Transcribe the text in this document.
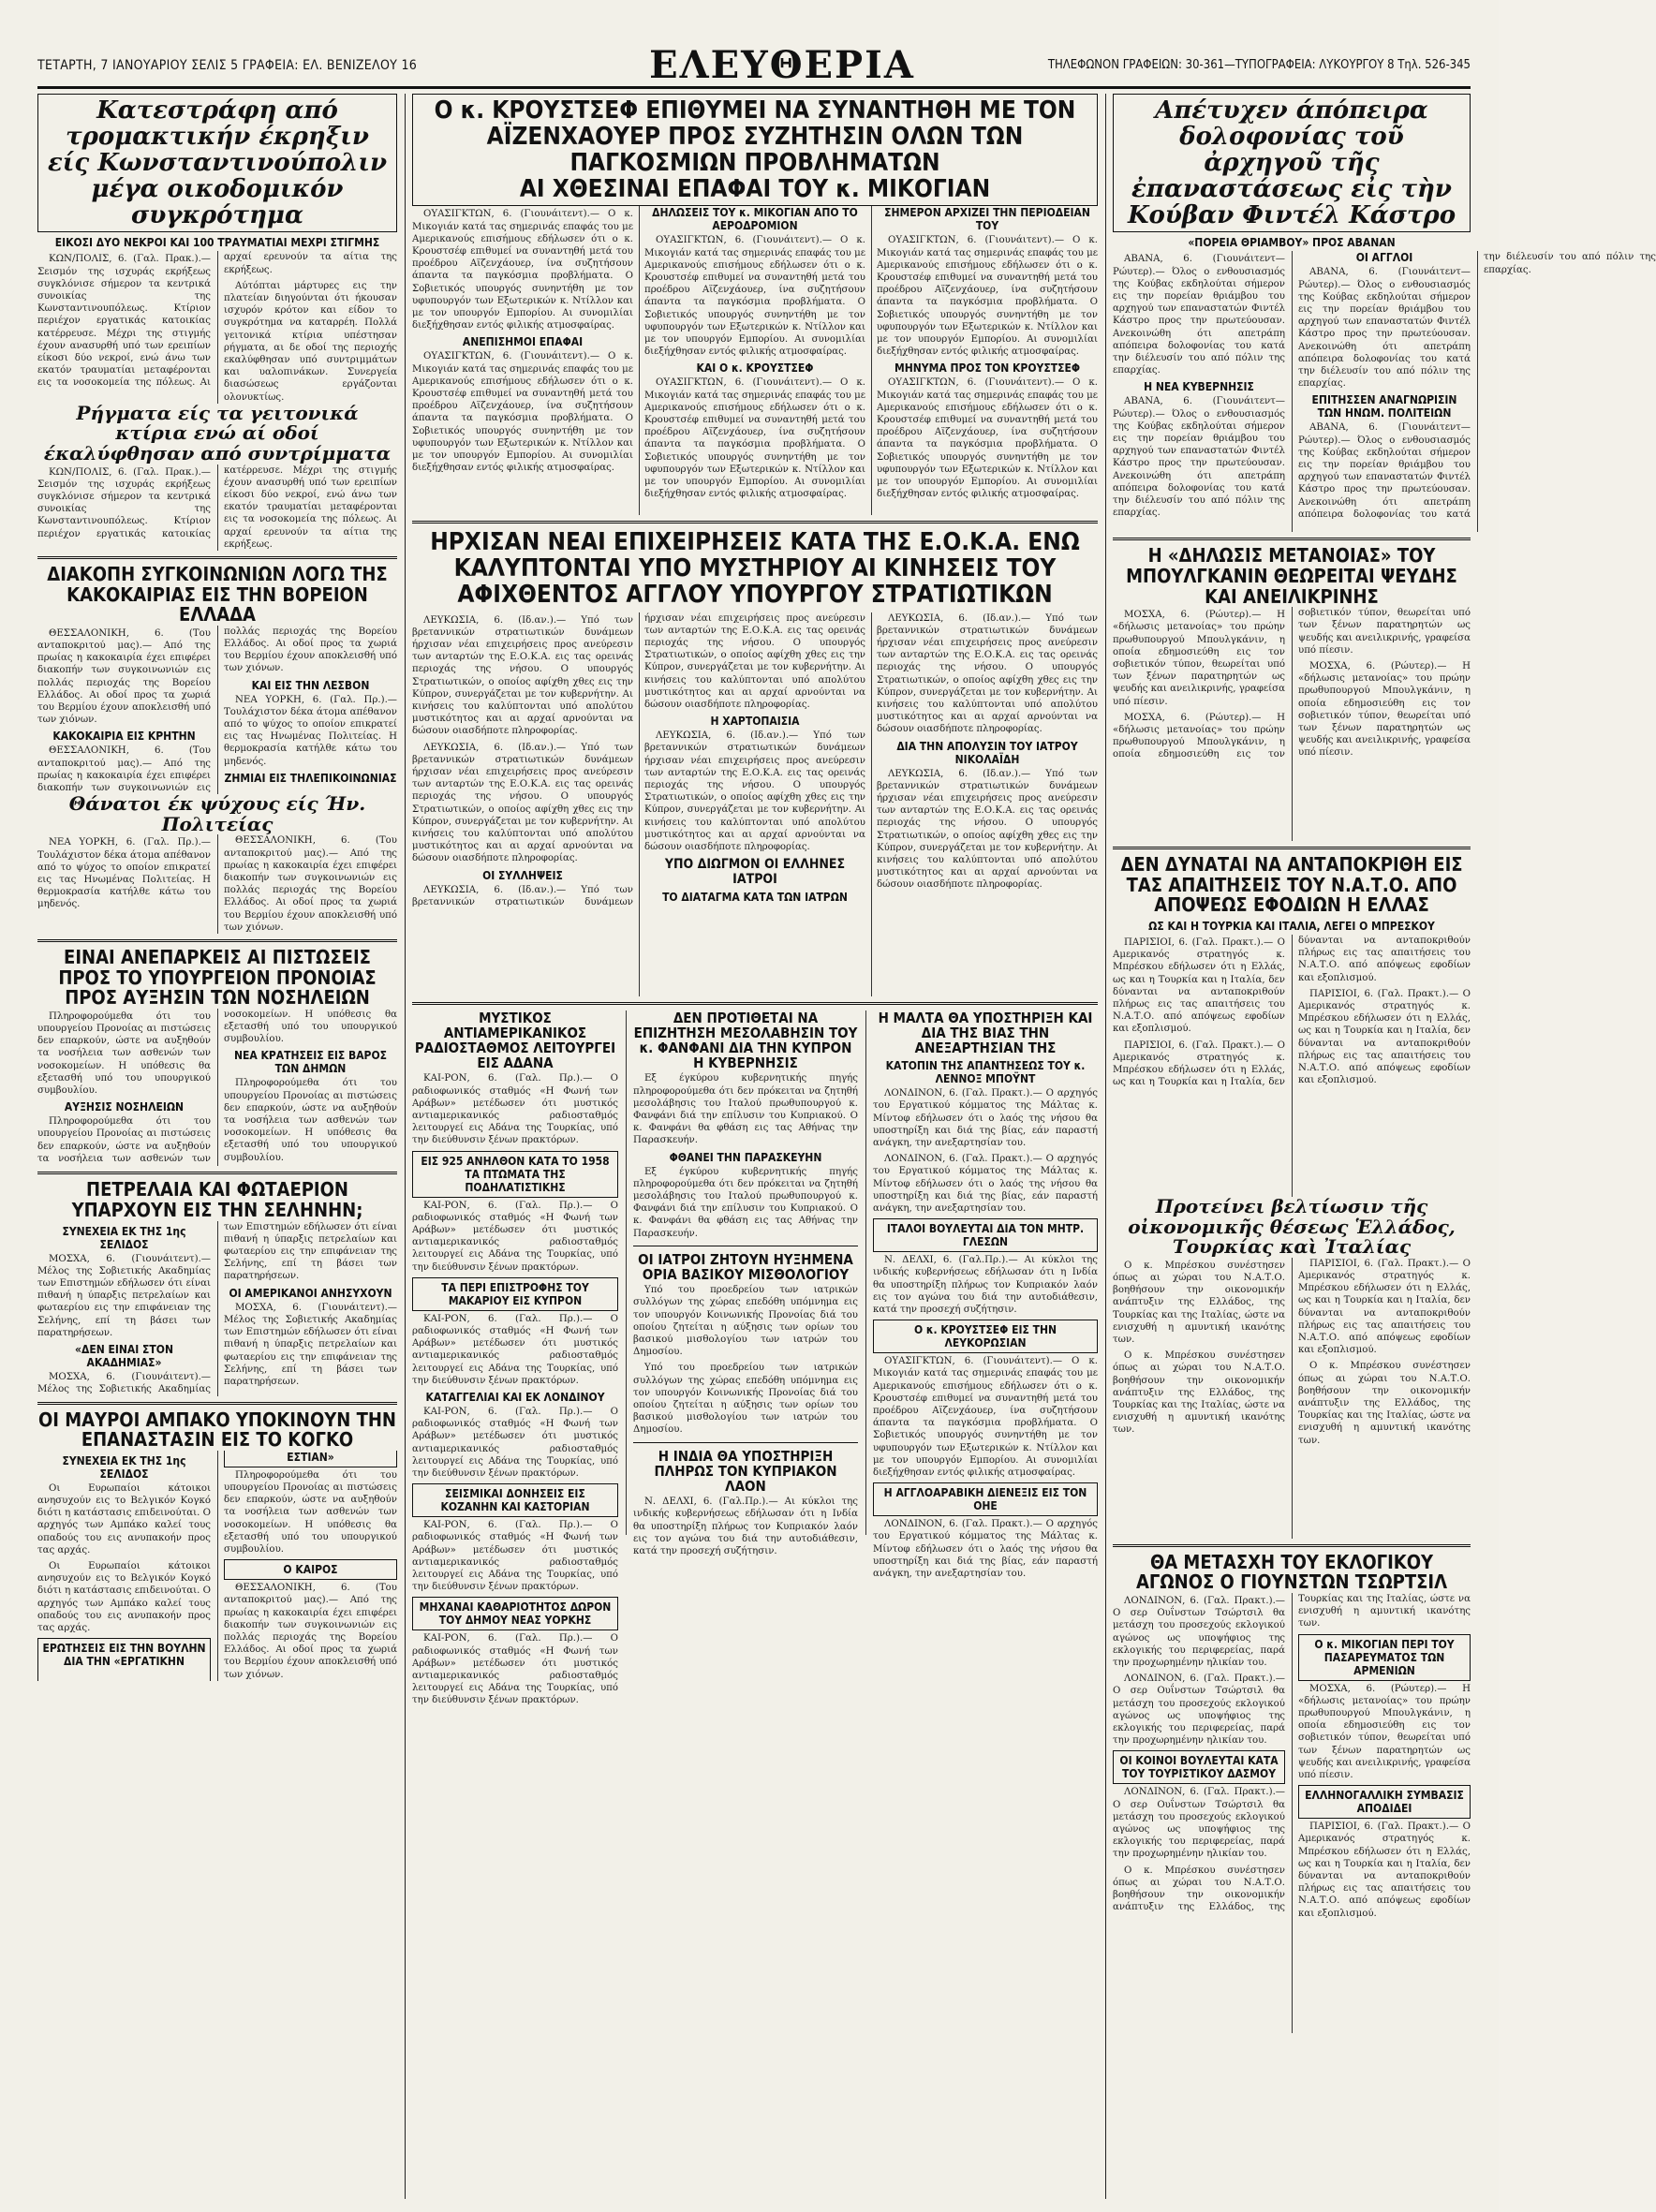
ΤΕΤΑΡΤΗ, 7 ΙΑΝΟΥΑΡΙΟΥ ΣΕΛΙΣ 5 ΓΡΑΦΕΙΑ: ΕΛ. ΒΕΝΙΖΕΛΟΥ 16	ΕΛΕΥΘΕΡΙΑ	ΤΗΛΕΦΩΝΟΝ ΓΡΑΦΕΙΩΝ: 30-361—ΤΥΠΟΓΡΑΦΕΙΑ: ΛΥΚΟΥΡΓΟΥ 8 Τηλ. 526-345
Κατεστράφη από τρομακτικήν έκρηξιν είς Κωνσταντινούπολιν μέγα οικοδομικόν συγκρότημα
ΕΙΚΟΣΙ ΔΥΟ ΝΕΚΡΟΙ ΚΑΙ 100 ΤΡΑΥΜΑΤΙΑΙ ΜΕΧΡΙ ΣΤΙΓΜΗΣ

ΚΩΝ/ΠΟΛΙΣ, 6. (Γαλ. Πρακ.).— Σεισμόν της ισχυράς εκρήξεως συγκλόνισε σήμερον τα κεντρικά συνοικίας της Κωνσταντινουπόλεως. Κτίριον περιέχον εργατικάς κατοικίας κατέρρευσε. Μέχρι της στιγμής έχουν ανασυρθή υπό των ερειπίων είκοσι δύο νεκροί, ενώ άνω των εκατόν τραυματίαι μεταφέρονται εις τα νοσοκομεία της πόλεως. Αι αρχαί ερευνούν τα αίτια της εκρήξεως.

Αύτόπται μάρτυρες εις την πλατείαν διηγούνται ότι ήκουσαν ισχυρόν κρότον και είδον το συγκρότημα να καταρρέη. Πολλά γειτονικά κτίρια υπέστησαν ρήγματα, αι δε οδοί της περιοχής εκαλύφθησαν υπό συντριμμάτων και υαλοπινάκων. Συνεργεία διασώσεως εργάζονται ολονυκτίως.

Ρήγματα είς τα γειτονικά κτίρια ενώ αί οδοί έκαλύφθησαν από συντρίμματα

ΚΩΝ/ΠΟΛΙΣ, 6. (Γαλ. Πρακ.).— Σεισμόν της ισχυράς εκρήξεως συγκλόνισε σήμερον τα κεντρικά συνοικίας της Κωνσταντινουπόλεως. Κτίριον περιέχον εργατικάς κατοικίας κατέρρευσε. Μέχρι της στιγμής έχουν ανασυρθή υπό των ερειπίων είκοσι δύο νεκροί, ενώ άνω των εκατόν τραυματίαι μεταφέρονται εις τα νοσοκομεία της πόλεως. Αι αρχαί ερευνούν τα αίτια της εκρήξεως.

ΔΙΑΚΟΠΗ ΣΥΓΚΟΙΝΩΝΙΩΝ ΛΟΓΩ ΤΗΣ ΚΑΚΟΚΑΙΡΙΑΣ ΕΙΣ ΤΗΝ ΒΟΡΕΙΟΝ ΕΛΛΑΔΑ

ΘΕΣΣΑΛΟΝΙΚΗ, 6. (Του ανταποκριτού μας).— Από της πρωίας η κακοκαιρία έχει επιφέρει διακοπήν των συγκοινωνιών εις πολλάς περιοχάς της Βορείου Ελλάδος. Αι οδοί προς τα χωριά του Βερμίου έχουν αποκλεισθή υπό των χιόνων.

ΚΑΚΟΚΑΙΡΙΑ ΕΙΣ ΚΡΗΤΗΝ

ΘΕΣΣΑΛΟΝΙΚΗ, 6. (Του ανταποκριτού μας).— Από της πρωίας η κακοκαιρία έχει επιφέρει διακοπήν των συγκοινωνιών εις πολλάς περιοχάς της Βορείου Ελλάδος. Αι οδοί προς τα χωριά του Βερμίου έχουν αποκλεισθή υπό των χιόνων.

ΚΑΙ ΕΙΣ ΤΗΝ ΛΕΣΒΟΝ

ΝΕΑ ΥΟΡΚΗ, 6. (Γαλ. Πρ.).— Τουλάχιστον δέκα άτομα απέθανον από το ψύχος το οποίον επικρατεί εις τας Ηνωμένας Πολιτείας. Η θερμοκρασία κατήλθε κάτω του μηδενός.

ΖΗΜΙΑΙ ΕΙΣ ΤΗΛΕΠΙΚΟΙΝΩΝΙΑΣ
Θάνατοι έκ ψύχους είς Ήν. Πολιτείας

ΝΕΑ ΥΟΡΚΗ, 6. (Γαλ. Πρ.).— Τουλάχιστον δέκα άτομα απέθανον από το ψύχος το οποίον επικρατεί εις τας Ηνωμένας Πολιτείας. Η θερμοκρασία κατήλθε κάτω του μηδενός.

ΘΕΣΣΑΛΟΝΙΚΗ, 6. (Του ανταποκριτού μας).— Από της πρωίας η κακοκαιρία έχει επιφέρει διακοπήν των συγκοινωνιών εις πολλάς περιοχάς της Βορείου Ελλάδος. Αι οδοί προς τα χωριά του Βερμίου έχουν αποκλεισθή υπό των χιόνων.

ΕΙΝΑΙ ΑΝΕΠΑΡΚΕΙΣ ΑΙ ΠΙΣΤΩΣΕΙΣ ΠΡΟΣ ΤΟ ΥΠΟΥΡΓΕΙΟΝ ΠΡΟΝΟΙΑΣ ΠΡΟΣ ΑΥΞΗΣΙΝ ΤΩΝ ΝΟΣΗΛΕΙΩΝ

Πληροφορούμεθα ότι του υπουργείου Προνοίας αι πιστώσεις δεν επαρκούν, ώστε να αυξηθούν τα νοσήλεια των ασθενών των νοσοκομείων. Η υπόθεσις θα εξετασθή υπό του υπουργικού συμβουλίου.

ΑΥΞΗΣΙΣ ΝΟΣΗΛΕΙΩΝ

Πληροφορούμεθα ότι του υπουργείου Προνοίας αι πιστώσεις δεν επαρκούν, ώστε να αυξηθούν τα νοσήλεια των ασθενών των νοσοκομείων. Η υπόθεσις θα εξετασθή υπό του υπουργικού συμβουλίου.

ΝΕΑ ΚΡΑΤΗΣΕΙΣ ΕΙΣ ΒΑΡΟΣ ΤΩΝ ΔΗΜΩΝ

Πληροφορούμεθα ότι του υπουργείου Προνοίας αι πιστώσεις δεν επαρκούν, ώστε να αυξηθούν τα νοσήλεια των ασθενών των νοσοκομείων. Η υπόθεσις θα εξετασθή υπό του υπουργικού συμβουλίου.

ΠΕΤΡΕΛΑΙΑ ΚΑΙ ΦΩΤΑΕΡΙΟΝ ΥΠΑΡΧΟΥΝ ΕΙΣ ΤΗΝ ΣΕΛΗΝΗΝ;
ΣΥΝΕΧΕΙΑ ΕΚ ΤΗΣ 1ης ΣΕΛΙΔΟΣ

ΜΟΣΧΑ, 6. (Γιουνάιτεντ).— Μέλος της Σοβιετικής Ακαδημίας των Επιστημών εδήλωσεν ότι είναι πιθανή η ύπαρξις πετρελαίων και φωταερίου εις την επιφάνειαν της Σελήνης, επί τη βάσει των παρατηρήσεων.

«ΔΕΝ ΕΙΝΑΙ ΣΤΟΝ ΑΚΑΔΗΜΙΑΣ»

ΜΟΣΧΑ, 6. (Γιουνάιτεντ).— Μέλος της Σοβιετικής Ακαδημίας των Επιστημών εδήλωσεν ότι είναι πιθανή η ύπαρξις πετρελαίων και φωταερίου εις την επιφάνειαν της Σελήνης, επί τη βάσει των παρατηρήσεων.

ΟΙ ΑΜΕΡΙΚΑΝΟΙ ΑΝΗΣΥΧΟΥΝ

ΜΟΣΧΑ, 6. (Γιουνάιτεντ).— Μέλος της Σοβιετικής Ακαδημίας των Επιστημών εδήλωσεν ότι είναι πιθανή η ύπαρξις πετρελαίων και φωταερίου εις την επιφάνειαν της Σελήνης, επί τη βάσει των παρατηρήσεων.

ΟΙ ΜΑΥΡΟΙ ΑΜΠΑΚΟ ΥΠΟΚΙΝΟΥΝ ΤΗΝ ΕΠΑΝΑΣΤΑΣΙΝ ΕΙΣ ΤΟ ΚΟΓΚΟ
ΣΥΝΕΧΕΙΑ ΕΚ ΤΗΣ 1ης ΣΕΛΙΔΟΣ

Οι Ευρωπαίοι κάτοικοι ανησυχούν εις το Βελγικόν Κογκό διότι η κατάστασις επιδεινούται. Ο αρχηγός των Αμπάκο καλεί τους οπαδούς του εις ανυπακοήν προς τας αρχάς.

Οι Ευρωπαίοι κάτοικοι ανησυχούν εις το Βελγικόν Κογκό διότι η κατάστασις επιδεινούται. Ο αρχηγός των Αμπάκο καλεί τους οπαδούς του εις ανυπακοήν προς τας αρχάς.

ΕΡΩΤΗΣΕΙΣ ΕΙΣ ΤΗΝ ΒΟΥΛΗΝ ΔΙΑ ΤΗΝ «ΕΡΓΑΤΙΚΗΝ ΕΣΤΙΑΝ»

Πληροφορούμεθα ότι του υπουργείου Προνοίας αι πιστώσεις δεν επαρκούν, ώστε να αυξηθούν τα νοσήλεια των ασθενών των νοσοκομείων. Η υπόθεσις θα εξετασθή υπό του υπουργικού συμβουλίου.

Ο ΚΑΙΡΟΣ

ΘΕΣΣΑΛΟΝΙΚΗ, 6. (Του ανταποκριτού μας).— Από της πρωίας η κακοκαιρία έχει επιφέρει διακοπήν των συγκοινωνιών εις πολλάς περιοχάς της Βορείου Ελλάδος. Αι οδοί προς τα χωριά του Βερμίου έχουν αποκλεισθή υπό των χιόνων.

Ο κ. ΚΡΟΥΣΤΣΕΦ ΕΠΙΘΥΜΕΙ ΝΑ ΣΥΝΑΝΤΗΘΗ ΜΕ ΤΟΝ ΑΪΖΕΝΧΑΟΥΕΡ ΠΡΟΣ ΣΥΖΗΤΗΣΙΝ ΟΛΩΝ ΤΩΝ ΠΑΓΚΟΣΜΙΩΝ ΠΡΟΒΛΗΜΑΤΩΝ
ΑΙ ΧΘΕΣΙΝΑΙ ΕΠΑΦΑΙ ΤΟΥ κ. ΜΙΚΟΓΙΑΝ

ΟΥΑΣΙΓΚΤΩΝ, 6. (Γιουνάιτεντ).— Ο κ. Μικογιάν κατά τας σημερινάς επαφάς του με Αμερικανούς επισήμους εδήλωσεν ότι ο κ. Κρουστσέφ επιθυμεί να συναντηθή μετά του προέδρου Αϊζενχάουερ, ίνα συζητήσουν άπαντα τα παγκόσμια προβλήματα. Ο Σοβιετικός υπουργός συνηντήθη με τον υφυπουργόν των Εξωτερικών κ. Ντίλλον και με τον υπουργόν Εμπορίου. Αι συνομιλίαι διεξήχθησαν εντός φιλικής ατμοσφαίρας.

ΑΝΕΠΙΣΗΜΟΙ ΕΠΑΦΑΙ

ΟΥΑΣΙΓΚΤΩΝ, 6. (Γιουνάιτεντ).— Ο κ. Μικογιάν κατά τας σημερινάς επαφάς του με Αμερικανούς επισήμους εδήλωσεν ότι ο κ. Κρουστσέφ επιθυμεί να συναντηθή μετά του προέδρου Αϊζενχάουερ, ίνα συζητήσουν άπαντα τα παγκόσμια προβλήματα. Ο Σοβιετικός υπουργός συνηντήθη με τον υφυπουργόν των Εξωτερικών κ. Ντίλλον και με τον υπουργόν Εμπορίου. Αι συνομιλίαι διεξήχθησαν εντός φιλικής ατμοσφαίρας.

ΔΗΛΩΣΕΙΣ ΤΟΥ κ. ΜΙΚΟΓΙΑΝ ΑΠΟ ΤΟ ΑΕΡΟΔΡΟΜΙΟΝ

ΟΥΑΣΙΓΚΤΩΝ, 6. (Γιουνάιτεντ).— Ο κ. Μικογιάν κατά τας σημερινάς επαφάς του με Αμερικανούς επισήμους εδήλωσεν ότι ο κ. Κρουστσέφ επιθυμεί να συναντηθή μετά του προέδρου Αϊζενχάουερ, ίνα συζητήσουν άπαντα τα παγκόσμια προβλήματα. Ο Σοβιετικός υπουργός συνηντήθη με τον υφυπουργόν των Εξωτερικών κ. Ντίλλον και με τον υπουργόν Εμπορίου. Αι συνομιλίαι διεξήχθησαν εντός φιλικής ατμοσφαίρας.

ΚΑΙ Ο κ. ΚΡΟΥΣΤΣΕΦ

ΟΥΑΣΙΓΚΤΩΝ, 6. (Γιουνάιτεντ).— Ο κ. Μικογιάν κατά τας σημερινάς επαφάς του με Αμερικανούς επισήμους εδήλωσεν ότι ο κ. Κρουστσέφ επιθυμεί να συναντηθή μετά του προέδρου Αϊζενχάουερ, ίνα συζητήσουν άπαντα τα παγκόσμια προβλήματα. Ο Σοβιετικός υπουργός συνηντήθη με τον υφυπουργόν των Εξωτερικών κ. Ντίλλον και με τον υπουργόν Εμπορίου. Αι συνομιλίαι διεξήχθησαν εντός φιλικής ατμοσφαίρας.

ΣΗΜΕΡΟΝ ΑΡΧΙΖΕΙ ΤΗΝ ΠΕΡΙΟΔΕΙΑΝ ΤΟΥ

ΟΥΑΣΙΓΚΤΩΝ, 6. (Γιουνάιτεντ).— Ο κ. Μικογιάν κατά τας σημερινάς επαφάς του με Αμερικανούς επισήμους εδήλωσεν ότι ο κ. Κρουστσέφ επιθυμεί να συναντηθή μετά του προέδρου Αϊζενχάουερ, ίνα συζητήσουν άπαντα τα παγκόσμια προβλήματα. Ο Σοβιετικός υπουργός συνηντήθη με τον υφυπουργόν των Εξωτερικών κ. Ντίλλον και με τον υπουργόν Εμπορίου. Αι συνομιλίαι διεξήχθησαν εντός φιλικής ατμοσφαίρας.

ΜΗΝΥΜΑ ΠΡΟΣ ΤΟΝ ΚΡΟΥΣΤΣΕΦ

ΟΥΑΣΙΓΚΤΩΝ, 6. (Γιουνάιτεντ).— Ο κ. Μικογιάν κατά τας σημερινάς επαφάς του με Αμερικανούς επισήμους εδήλωσεν ότι ο κ. Κρουστσέφ επιθυμεί να συναντηθή μετά του προέδρου Αϊζενχάουερ, ίνα συζητήσουν άπαντα τα παγκόσμια προβλήματα. Ο Σοβιετικός υπουργός συνηντήθη με τον υφυπουργόν των Εξωτερικών κ. Ντίλλον και με τον υπουργόν Εμπορίου. Αι συνομιλίαι διεξήχθησαν εντός φιλικής ατμοσφαίρας.

ΗΡΧΙΣΑΝ ΝΕΑΙ ΕΠΙΧΕΙΡΗΣΕΙΣ ΚΑΤΑ ΤΗΣ Ε.Ο.Κ.Α. ΕΝΩ ΚΑΛΥΠΤΟΝΤΑΙ ΥΠΟ ΜΥΣΤΗΡΙΟΥ ΑΙ ΚΙΝΗΣΕΙΣ ΤΟΥ ΑΦΙΧΘΕΝΤΟΣ ΑΓΓΛΟΥ ΥΠΟΥΡΓΟΥ ΣΤΡΑΤΙΩΤΙΚΩΝ

ΛΕΥΚΩΣΙΑ, 6. (Ιδ.αν.).— Υπό των βρεταννικών στρατιωτικών δυνάμεων ήρχισαν νέαι επιχειρήσεις προς ανεύρεσιν των ανταρτών της Ε.Ο.Κ.Α. εις τας ορεινάς περιοχάς της νήσου. Ο υπουργός Στρατιωτικών, ο οποίος αφίχθη χθες εις την Κύπρον, συνεργάζεται με τον κυβερνήτην. Αι κινήσεις του καλύπτονται υπό απολύτου μυστικότητος και αι αρχαί αρνούνται να δώσουν οιασδήποτε πληροφορίας.

ΛΕΥΚΩΣΙΑ, 6. (Ιδ.αν.).— Υπό των βρεταννικών στρατιωτικών δυνάμεων ήρχισαν νέαι επιχειρήσεις προς ανεύρεσιν των ανταρτών της Ε.Ο.Κ.Α. εις τας ορεινάς περιοχάς της νήσου. Ο υπουργός Στρατιωτικών, ο οποίος αφίχθη χθες εις την Κύπρον, συνεργάζεται με τον κυβερνήτην. Αι κινήσεις του καλύπτονται υπό απολύτου μυστικότητος και αι αρχαί αρνούνται να δώσουν οιασδήποτε πληροφορίας.

ΟΙ ΣΥΛΛΗΨΕΙΣ

ΛΕΥΚΩΣΙΑ, 6. (Ιδ.αν.).— Υπό των βρεταννικών στρατιωτικών δυνάμεων ήρχισαν νέαι επιχειρήσεις προς ανεύρεσιν των ανταρτών της Ε.Ο.Κ.Α. εις τας ορεινάς περιοχάς της νήσου. Ο υπουργός Στρατιωτικών, ο οποίος αφίχθη χθες εις την Κύπρον, συνεργάζεται με τον κυβερνήτην. Αι κινήσεις του καλύπτονται υπό απολύτου μυστικότητος και αι αρχαί αρνούνται να δώσουν οιασδήποτε πληροφορίας.

Η ΧΑΡΤΟΠΑΙΣΙΑ

ΛΕΥΚΩΣΙΑ, 6. (Ιδ.αν.).— Υπό των βρεταννικών στρατιωτικών δυνάμεων ήρχισαν νέαι επιχειρήσεις προς ανεύρεσιν των ανταρτών της Ε.Ο.Κ.Α. εις τας ορεινάς περιοχάς της νήσου. Ο υπουργός Στρατιωτικών, ο οποίος αφίχθη χθες εις την Κύπρον, συνεργάζεται με τον κυβερνήτην. Αι κινήσεις του καλύπτονται υπό απολύτου μυστικότητος και αι αρχαί αρνούνται να δώσουν οιασδήποτε πληροφορίας.

ΥΠΟ ΔΙΩΓΜΟΝ ΟΙ ΕΛΛΗΝΕΣ ΙΑΤΡΟΙ
ΤΟ ΔΙΑΤΑΓΜΑ ΚΑΤΑ ΤΩΝ ΙΑΤΡΩΝ

ΛΕΥΚΩΣΙΑ, 6. (Ιδ.αν.).— Υπό των βρεταννικών στρατιωτικών δυνάμεων ήρχισαν νέαι επιχειρήσεις προς ανεύρεσιν των ανταρτών της Ε.Ο.Κ.Α. εις τας ορεινάς περιοχάς της νήσου. Ο υπουργός Στρατιωτικών, ο οποίος αφίχθη χθες εις την Κύπρον, συνεργάζεται με τον κυβερνήτην. Αι κινήσεις του καλύπτονται υπό απολύτου μυστικότητος και αι αρχαί αρνούνται να δώσουν οιασδήποτε πληροφορίας.

ΔΙΑ ΤΗΝ ΑΠΟΛΥΣΙΝ ΤΟΥ ΙΑΤΡΟΥ ΝΙΚΟΛΑΪΔΗ

ΛΕΥΚΩΣΙΑ, 6. (Ιδ.αν.).— Υπό των βρεταννικών στρατιωτικών δυνάμεων ήρχισαν νέαι επιχειρήσεις προς ανεύρεσιν των ανταρτών της Ε.Ο.Κ.Α. εις τας ορεινάς περιοχάς της νήσου. Ο υπουργός Στρατιωτικών, ο οποίος αφίχθη χθες εις την Κύπρον, συνεργάζεται με τον κυβερνήτην. Αι κινήσεις του καλύπτονται υπό απολύτου μυστικότητος και αι αρχαί αρνούνται να δώσουν οιασδήποτε πληροφορίας.

ΜΥΣΤΙΚΟΣ ΑΝΤΙΑΜΕΡΙΚΑΝΙΚΟΣ ΡΑΔΙΟΣΤΑΘΜΟΣ ΛΕΙΤΟΥΡΓΕΙ ΕΙΣ ΑΔΑΝΑ

ΚΑΙ-ΡΟΝ, 6. (Γαλ. Πρ.).— Ο ραδιοφωνικός σταθμός «Η Φωνή των Αράβων» μετέδωσεν ότι μυστικός αντιαμερικανικός ραδιοσταθμός λειτουργεί εις Αδάνα της Τουρκίας, υπό την διεύθυνσιν ξένων πρακτόρων.

ΕΙΣ 925 ΑΝΗΛΘΟΝ ΚΑΤΑ ΤΟ 1958 ΤΑ ΠΤΩΜΑΤΑ ΤΗΣ ΠΟΔΗΛΑΤΙΣΤΙΚΗΣ

ΚΑΙ-ΡΟΝ, 6. (Γαλ. Πρ.).— Ο ραδιοφωνικός σταθμός «Η Φωνή των Αράβων» μετέδωσεν ότι μυστικός αντιαμερικανικός ραδιοσταθμός λειτουργεί εις Αδάνα της Τουρκίας, υπό την διεύθυνσιν ξένων πρακτόρων.

ΤΑ ΠΕΡΙ ΕΠΙΣΤΡΟΦΗΣ ΤΟΥ ΜΑΚΑΡΙΟΥ ΕΙΣ ΚΥΠΡΟΝ

ΚΑΙ-ΡΟΝ, 6. (Γαλ. Πρ.).— Ο ραδιοφωνικός σταθμός «Η Φωνή των Αράβων» μετέδωσεν ότι μυστικός αντιαμερικανικός ραδιοσταθμός λειτουργεί εις Αδάνα της Τουρκίας, υπό την διεύθυνσιν ξένων πρακτόρων.

ΚΑΤΑΓΓΕΛΙΑΙ ΚΑΙ ΕΚ ΛΟΝΔΙΝΟΥ

ΚΑΙ-ΡΟΝ, 6. (Γαλ. Πρ.).— Ο ραδιοφωνικός σταθμός «Η Φωνή των Αράβων» μετέδωσεν ότι μυστικός αντιαμερικανικός ραδιοσταθμός λειτουργεί εις Αδάνα της Τουρκίας, υπό την διεύθυνσιν ξένων πρακτόρων.

ΣΕΙΣΜΙΚΑΙ ΔΟΝΗΣΕΙΣ ΕΙΣ ΚΟΖΑΝΗΝ ΚΑΙ ΚΑΣΤΟΡΙΑΝ

ΚΑΙ-ΡΟΝ, 6. (Γαλ. Πρ.).— Ο ραδιοφωνικός σταθμός «Η Φωνή των Αράβων» μετέδωσεν ότι μυστικός αντιαμερικανικός ραδιοσταθμός λειτουργεί εις Αδάνα της Τουρκίας, υπό την διεύθυνσιν ξένων πρακτόρων.

ΜΗΧΑΝΑΙ ΚΑΘΑΡΙΟΤΗΤΟΣ ΔΩΡΟΝ ΤΟΥ ΔΗΜΟΥ ΝΕΑΣ ΥΟΡΚΗΣ

ΚΑΙ-ΡΟΝ, 6. (Γαλ. Πρ.).— Ο ραδιοφωνικός σταθμός «Η Φωνή των Αράβων» μετέδωσεν ότι μυστικός αντιαμερικανικός ραδιοσταθμός λειτουργεί εις Αδάνα της Τουρκίας, υπό την διεύθυνσιν ξένων πρακτόρων.

ΔΕΝ ΠΡΟΤΙΘΕΤΑΙ ΝΑ ΕΠΙΖΗΤΗΣΗ ΜΕΣΟΛΑΒΗΣΙΝ ΤΟΥ κ. ΦΑΝΦΑΝΙ ΔΙΑ ΤΗΝ ΚΥΠΡΟΝ Η ΚΥΒΕΡΝΗΣΙΣ

Εξ έγκύρου κυβερνητικής πηγής πληροφορούμεθα ότι δεν πρόκειται να ζητηθή μεσολάβησις του Ιταλού πρωθυπουργού κ. Φανφάνι διά την επίλυσιν του Κυπριακού. Ο κ. Φανφάνι θα φθάση εις τας Αθήνας την Παρασκευήν.

ΦΘΑΝΕΙ ΤΗΝ ΠΑΡΑΣΚΕΥΗΝ

Εξ έγκύρου κυβερνητικής πηγής πληροφορούμεθα ότι δεν πρόκειται να ζητηθή μεσολάβησις του Ιταλού πρωθυπουργού κ. Φανφάνι διά την επίλυσιν του Κυπριακού. Ο κ. Φανφάνι θα φθάση εις τας Αθήνας την Παρασκευήν.

ΟΙ ΙΑΤΡΟΙ ΖΗΤΟΥΝ ΗΥΞΗΜΕΝΑ ΟΡΙΑ ΒΑΣΙΚΟΥ ΜΙΣΘΟΛΟΓΙΟΥ

Υπό του προεδρείου των ιατρικών συλλόγων της χώρας επεδόθη υπόμνημα εις τον υπουργόν Κοινωνικής Προνοίας διά του οποίου ζητείται η αύξησις των ορίων του βασικού μισθολογίου των ιατρών του Δημοσίου.

Υπό του προεδρείου των ιατρικών συλλόγων της χώρας επεδόθη υπόμνημα εις τον υπουργόν Κοινωνικής Προνοίας διά του οποίου ζητείται η αύξησις των ορίων του βασικού μισθολογίου των ιατρών του Δημοσίου.

Η ΙΝΔΙΑ ΘΑ ΥΠΟΣΤΗΡΙΞΗ ΠΛΗΡΩΣ ΤΟΝ ΚΥΠΡΙΑΚΟΝ ΛΑΟΝ

Ν. ΔΕΛΧΙ, 6. (Γαλ.Πρ.).— Αι κύκλοι της ινδικής κυβερνήσεως εδήλωσαν ότι η Ινδία θα υποστηρίξη πλήρως τον Κυπριακόν λαόν εις τον αγώνα του διά την αυτοδιάθεσιν, κατά την προσεχή συζήτησιν.

Η ΜΑΛΤΑ ΘΑ ΥΠΟΣΤΗΡΙΞΗ ΚΑΙ ΔΙΑ ΤΗΣ ΒΙΑΣ ΤΗΝ ΑΝΕΞΑΡΤΗΣΙΑΝ ΤΗΣ
ΚΑΤΟΠΙΝ ΤΗΣ ΑΠΑΝΤΗΣΕΩΣ ΤΟΥ κ. ΛΕΝΝΟΞ ΜΠΟΫΝΤ

ΛΟΝΔΙΝΟΝ, 6. (Γαλ. Πρακτ.).— Ο αρχηγός του Εργατικού κόμματος της Μάλτας κ. Μίντοφ εδήλωσεν ότι ο λαός της νήσου θα υποστηρίξη και διά της βίας, εάν παραστή ανάγκη, την ανεξαρτησίαν του.

ΛΟΝΔΙΝΟΝ, 6. (Γαλ. Πρακτ.).— Ο αρχηγός του Εργατικού κόμματος της Μάλτας κ. Μίντοφ εδήλωσεν ότι ο λαός της νήσου θα υποστηρίξη και διά της βίας, εάν παραστή ανάγκη, την ανεξαρτησίαν του.

ΙΤΑΛΟΙ ΒΟΥΛΕΥΤΑΙ ΔΙΑ ΤΟΝ ΜΗΤΡ. ΓΛΕΣΩΝ

Ν. ΔΕΛΧΙ, 6. (Γαλ.Πρ.).— Αι κύκλοι της ινδικής κυβερνήσεως εδήλωσαν ότι η Ινδία θα υποστηρίξη πλήρως τον Κυπριακόν λαόν εις τον αγώνα του διά την αυτοδιάθεσιν, κατά την προσεχή συζήτησιν.

Ο κ. ΚΡΟΥΣΤΣΕΦ ΕΙΣ ΤΗΝ ΛΕΥΚΟΡΩΣΙΑΝ

ΟΥΑΣΙΓΚΤΩΝ, 6. (Γιουνάιτεντ).— Ο κ. Μικογιάν κατά τας σημερινάς επαφάς του με Αμερικανούς επισήμους εδήλωσεν ότι ο κ. Κρουστσέφ επιθυμεί να συναντηθή μετά του προέδρου Αϊζενχάουερ, ίνα συζητήσουν άπαντα τα παγκόσμια προβλήματα. Ο Σοβιετικός υπουργός συνηντήθη με τον υφυπουργόν των Εξωτερικών κ. Ντίλλον και με τον υπουργόν Εμπορίου. Αι συνομιλίαι διεξήχθησαν εντός φιλικής ατμοσφαίρας.

Η ΑΓΓΛΟΑΡΑΒΙΚΗ ΔΙΕΝΕΞΙΣ ΕΙΣ ΤΟΝ ΟΗΕ

ΛΟΝΔΙΝΟΝ, 6. (Γαλ. Πρακτ.).— Ο αρχηγός του Εργατικού κόμματος της Μάλτας κ. Μίντοφ εδήλωσεν ότι ο λαός της νήσου θα υποστηρίξη και διά της βίας, εάν παραστή ανάγκη, την ανεξαρτησίαν του.

Απέτυχεν άπόπειρα δολοφονίας τοῦ ἀρχηγοῦ τῆς ἐπαναστάσεως εἰς τὴν Κούβαν Φιντέλ Κάστρο
«ΠΟΡΕΙΑ ΘΡΙΑΜΒΟΥ» ΠΡΟΣ ΑΒΑΝΑΝ

ΑΒΑΝΑ, 6. (Γιουνάιτεντ—Ρώυτερ).— Όλος ο ενθουσιασμός της Κούβας εκδηλούται σήμερον εις την πορείαν θριάμβου του αρχηγού των επαναστατών Φιντέλ Κάστρο προς την πρωτεύουσαν. Ανεκοινώθη ότι απετράπη απόπειρα δολοφονίας του κατά την διέλευσίν του από πόλιν της επαρχίας.

Η ΝΕΑ ΚΥΒΕΡΝΗΣΙΣ

ΑΒΑΝΑ, 6. (Γιουνάιτεντ—Ρώυτερ).— Όλος ο ενθουσιασμός της Κούβας εκδηλούται σήμερον εις την πορείαν θριάμβου του αρχηγού των επαναστατών Φιντέλ Κάστρο προς την πρωτεύουσαν. Ανεκοινώθη ότι απετράπη απόπειρα δολοφονίας του κατά την διέλευσίν του από πόλιν της επαρχίας.

ΟΙ ΑΓΓΛΟΙ

ΑΒΑΝΑ, 6. (Γιουνάιτεντ—Ρώυτερ).— Όλος ο ενθουσιασμός της Κούβας εκδηλούται σήμερον εις την πορείαν θριάμβου του αρχηγού των επαναστατών Φιντέλ Κάστρο προς την πρωτεύουσαν. Ανεκοινώθη ότι απετράπη απόπειρα δολοφονίας του κατά την διέλευσίν του από πόλιν της επαρχίας.

ΕΠΙΤΗΣΣΕΝ ΑΝΑΓΝΩΡΙΣΙΝ ΤΩΝ ΗΝΩΜ. ΠΟΛΙΤΕΙΩΝ

ΑΒΑΝΑ, 6. (Γιουνάιτεντ—Ρώυτερ).— Όλος ο ενθουσιασμός της Κούβας εκδηλούται σήμερον εις την πορείαν θριάμβου του αρχηγού των επαναστατών Φιντέλ Κάστρο προς την πρωτεύουσαν. Ανεκοινώθη ότι απετράπη απόπειρα δολοφονίας του κατά την διέλευσίν του από πόλιν της επαρχίας.

Η «ΔΗΛΩΣΙΣ ΜΕΤΑΝΟΙΑΣ» ΤΟΥ ΜΠΟΥΛΓΚΑΝΙΝ ΘΕΩΡΕΙΤΑΙ ΨΕΥΔΗΣ ΚΑΙ ΑΝΕΙΛΙΚΡΙΝΗΣ

ΜΟΣΧΑ, 6. (Ρώυτερ).— Η «δήλωσις μετανοίας» του πρώην πρωθυπουργού Μπουλγκάνιν, η οποία εδημοσιεύθη εις τον σοβιετικόν τύπον, θεωρείται υπό των ξένων παρατηρητών ως ψευδής και ανειλικρινής, γραφείσα υπό πίεσιν.

ΜΟΣΧΑ, 6. (Ρώυτερ).— Η «δήλωσις μετανοίας» του πρώην πρωθυπουργού Μπουλγκάνιν, η οποία εδημοσιεύθη εις τον σοβιετικόν τύπον, θεωρείται υπό των ξένων παρατηρητών ως ψευδής και ανειλικρινής, γραφείσα υπό πίεσιν.

ΜΟΣΧΑ, 6. (Ρώυτερ).— Η «δήλωσις μετανοίας» του πρώην πρωθυπουργού Μπουλγκάνιν, η οποία εδημοσιεύθη εις τον σοβιετικόν τύπον, θεωρείται υπό των ξένων παρατηρητών ως ψευδής και ανειλικρινής, γραφείσα υπό πίεσιν.

ΔΕΝ ΔΥΝΑΤΑΙ ΝΑ ΑΝΤΑΠΟΚΡΙΘΗ ΕΙΣ ΤΑΣ ΑΠΑΙΤΗΣΕΙΣ ΤΟΥ Ν.Α.Τ.Ο. ΑΠΟ ΑΠΟΨΕΩΣ ΕΦΟΔΙΩΝ Η ΕΛΛΑΣ
ΩΣ ΚΑΙ Η ΤΟΥΡΚΙΑ ΚΑΙ ΙΤΑΛΙΑ, ΛΕΓΕΙ Ο ΜΠΡΕΣΚΟΥ

ΠΑΡΙΣΙΟΙ, 6. (Γαλ. Πρακτ.).— Ο Αμερικανός στρατηγός κ. Μπρέσκου εδήλωσεν ότι η Ελλάς, ως και η Τουρκία και η Ιταλία, δεν δύνανται να ανταποκριθούν πλήρως εις τας απαιτήσεις του Ν.Α.Τ.Ο. από απόψεως εφοδίων και εξοπλισμού.

ΠΑΡΙΣΙΟΙ, 6. (Γαλ. Πρακτ.).— Ο Αμερικανός στρατηγός κ. Μπρέσκου εδήλωσεν ότι η Ελλάς, ως και η Τουρκία και η Ιταλία, δεν δύνανται να ανταποκριθούν πλήρως εις τας απαιτήσεις του Ν.Α.Τ.Ο. από απόψεως εφοδίων και εξοπλισμού.

ΠΑΡΙΣΙΟΙ, 6. (Γαλ. Πρακτ.).— Ο Αμερικανός στρατηγός κ. Μπρέσκου εδήλωσεν ότι η Ελλάς, ως και η Τουρκία και η Ιταλία, δεν δύνανται να ανταποκριθούν πλήρως εις τας απαιτήσεις του Ν.Α.Τ.Ο. από απόψεως εφοδίων και εξοπλισμού.

Προτείνει βελτίωσιν τῆς οἰκονομικῆς θέσεως Ἑλλάδος, Τουρκίας καὶ Ἰταλίας

Ο κ. Μπρέσκου συνέστησεν όπως αι χώραι του Ν.Α.Τ.Ο. βοηθήσουν την οικονομικήν ανάπτυξιν της Ελλάδος, της Τουρκίας και της Ιταλίας, ώστε να ενισχυθή η αμυντική ικανότης των.

Ο κ. Μπρέσκου συνέστησεν όπως αι χώραι του Ν.Α.Τ.Ο. βοηθήσουν την οικονομικήν ανάπτυξιν της Ελλάδος, της Τουρκίας και της Ιταλίας, ώστε να ενισχυθή η αμυντική ικανότης των.

ΠΑΡΙΣΙΟΙ, 6. (Γαλ. Πρακτ.).— Ο Αμερικανός στρατηγός κ. Μπρέσκου εδήλωσεν ότι η Ελλάς, ως και η Τουρκία και η Ιταλία, δεν δύνανται να ανταποκριθούν πλήρως εις τας απαιτήσεις του Ν.Α.Τ.Ο. από απόψεως εφοδίων και εξοπλισμού.

Ο κ. Μπρέσκου συνέστησεν όπως αι χώραι του Ν.Α.Τ.Ο. βοηθήσουν την οικονομικήν ανάπτυξιν της Ελλάδος, της Τουρκίας και της Ιταλίας, ώστε να ενισχυθή η αμυντική ικανότης των.

ΘΑ ΜΕΤΑΣΧΗ ΤΟΥ ΕΚΛΟΓΙΚΟΥ ΑΓΩΝΟΣ Ο ΓΙΟΥΝΣΤΩΝ ΤΣΩΡΤΣΙΛ

ΛΟΝΔΙΝΟΝ, 6. (Γαλ. Πρακτ.).— Ο σερ Ουΐνστων Τσώρτσιλ θα μετάσχη του προσεχούς εκλογικού αγώνος ως υποψήφιος της εκλογικής του περιφερείας, παρά την προχωρημένην ηλικίαν του.

ΛΟΝΔΙΝΟΝ, 6. (Γαλ. Πρακτ.).— Ο σερ Ουΐνστων Τσώρτσιλ θα μετάσχη του προσεχούς εκλογικού αγώνος ως υποψήφιος της εκλογικής του περιφερείας, παρά την προχωρημένην ηλικίαν του.

ΟΙ ΚΟΙΝΟΙ ΒΟΥΛΕΥΤΑΙ ΚΑΤΑ ΤΟΥ ΤΟΥΡΙΣΤΙΚΟΥ ΔΑΣΜΟΥ

ΛΟΝΔΙΝΟΝ, 6. (Γαλ. Πρακτ.).— Ο σερ Ουΐνστων Τσώρτσιλ θα μετάσχη του προσεχούς εκλογικού αγώνος ως υποψήφιος της εκλογικής του περιφερείας, παρά την προχωρημένην ηλικίαν του.

Ο κ. Μπρέσκου συνέστησεν όπως αι χώραι του Ν.Α.Τ.Ο. βοηθήσουν την οικονομικήν ανάπτυξιν της Ελλάδος, της Τουρκίας και της Ιταλίας, ώστε να ενισχυθή η αμυντική ικανότης των.

Ο κ. ΜΙΚΟΓΙΑΝ ΠΕΡΙ ΤΟΥ ΠΑΣΑΡΕΥΜΑΤΟΣ ΤΩΝ ΑΡΜΕΝΙΩΝ

ΜΟΣΧΑ, 6. (Ρώυτερ).— Η «δήλωσις μετανοίας» του πρώην πρωθυπουργού Μπουλγκάνιν, η οποία εδημοσιεύθη εις τον σοβιετικόν τύπον, θεωρείται υπό των ξένων παρατηρητών ως ψευδής και ανειλικρινής, γραφείσα υπό πίεσιν.

ΕΛΛΗΝΟΓΑΛΛΙΚΗ ΣΥΜΒΑΣΙΣ ΑΠΟΔΙΔΕΙ

ΠΑΡΙΣΙΟΙ, 6. (Γαλ. Πρακτ.).— Ο Αμερικανός στρατηγός κ. Μπρέσκου εδήλωσεν ότι η Ελλάς, ως και η Τουρκία και η Ιταλία, δεν δύνανται να ανταποκριθούν πλήρως εις τας απαιτήσεις του Ν.Α.Τ.Ο. από απόψεως εφοδίων και εξοπλισμού.
